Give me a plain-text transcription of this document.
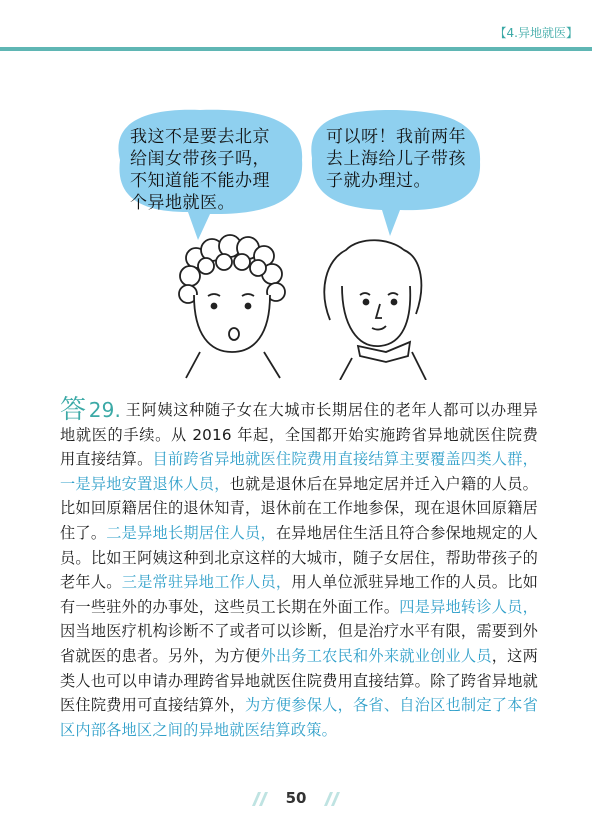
【4.异地就医】
我这不是要去北京
给闺女带孩子吗，
不知道能不能办理
个异地就医。
可以呀！我前两年
去上海给儿子带孩
子就办理过。
答 29. 王阿姨这种随子女在大城市长期居住的老年人都可以办理异地就医的手续。从 2016 年起，全国都开始实施跨省异地就医住院费用直接结算。目前跨省异地就医住院费用直接结算主要覆盖四类人群，一是异地安置退休人员，也就是退休后在异地定居并迁入户籍的人员。比如回原籍居住的退休知青，退休前在工作地参保，现在退休回原籍居住了。二是异地长期居住人员，在异地居住生活且符合参保地规定的人员。比如王阿姨这种到北京这样的大城市，随子女居住，帮助带孩子的老年人。三是常驻异地工作人员，用人单位派驻异地工作的人员。比如有一些驻外的办事处，这些员工长期在外面工作。四是异地转诊人员，因当地医疗机构诊断不了或者可以诊断，但是治疗水平有限，需要到外省就医的患者。另外，为方便外出务工农民和外来就业创业人员，这两类人也可以申请办理跨省异地就医住院费用直接结算。除了跨省异地就医住院费用可直接结算外，为方便参保人，各省、自治区也制定了本省区内部各地区之间的异地就医结算政策。
50
